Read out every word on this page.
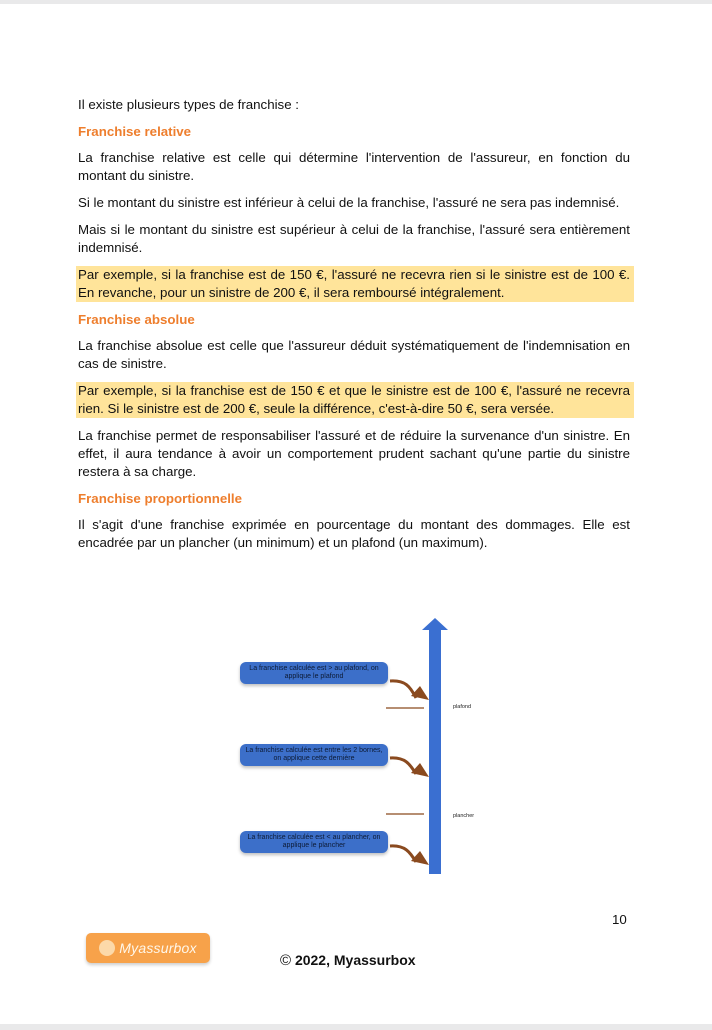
Il existe plusieurs types de franchise :

Franchise relative

La franchise relative est celle qui détermine l'intervention de l'assureur, en fonction du montant du sinistre.

Si le montant du sinistre est inférieur à celui de la franchise, l'assuré ne sera pas indemnisé.

Mais si le montant du sinistre est supérieur à celui de la franchise, l'assuré sera entièrement indemnisé.

Par exemple, si la franchise est de 150 €, l'assuré ne recevra rien si le sinistre est de 100 €. En revanche, pour un sinistre de 200 €, il sera remboursé intégralement.

Franchise absolue

La franchise absolue est celle que l'assureur déduit systématiquement de l'indemnisation en cas de sinistre.

Par exemple, si la franchise est de 150 € et que le sinistre est de 100 €, l'assuré ne recevra rien. Si le sinistre est de 200 €, seule la différence, c'est-à-dire 50 €, sera versée.

La franchise permet de responsabiliser l'assuré et de réduire la survenance d'un sinistre. En effet, il aura tendance à avoir un comportement prudent sachant qu'une partie du sinistre restera à sa charge.

Franchise proportionnelle

Il s'agit d'une franchise exprimée en pourcentage du montant des dommages. Elle est encadrée par un plancher (un minimum) et un plafond (un maximum).

La franchise calculée est > au plafond, on applique le plafond
La franchise calculée est entre les 2 bornes, on applique cette dernière
La franchise calculée est < au plancher, on applique le plancher
plafond
plancher
10
Myassurbox
© 2022, Myassurbox
